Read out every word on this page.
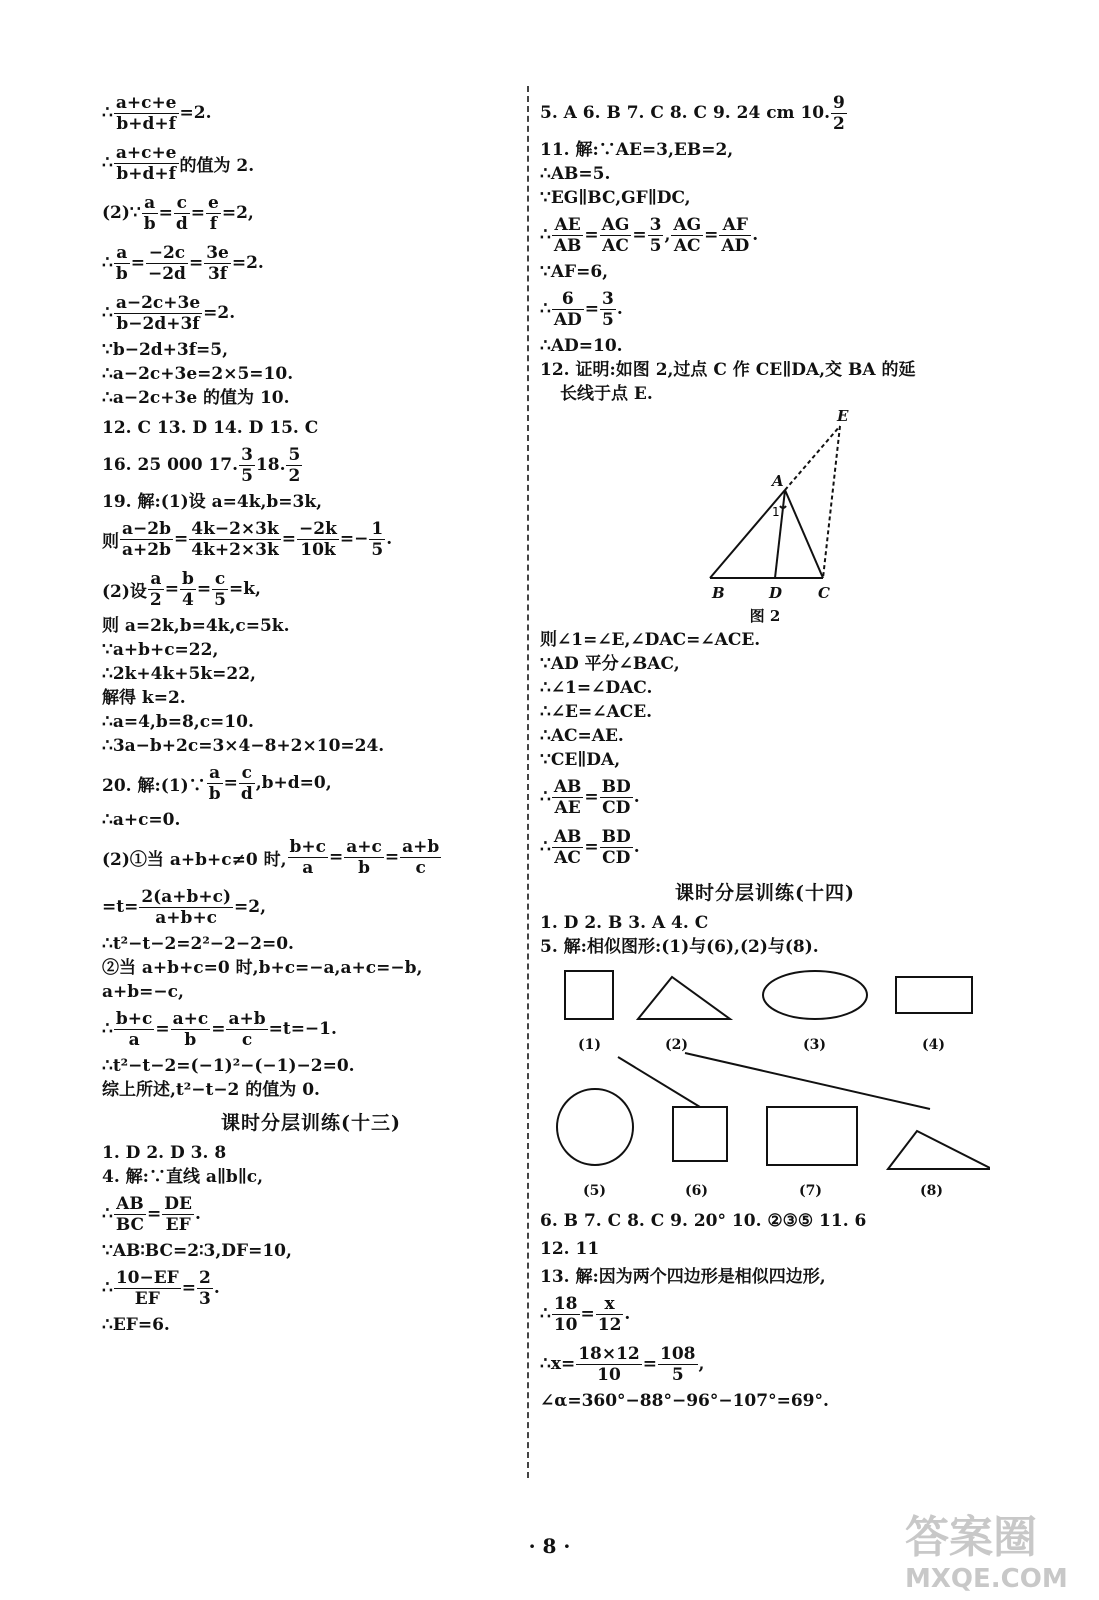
∴ $\frac{a+c+e}{b+d+f} =2$.
∴ $\frac{a+c+e}{b+d+f}$ 的值为 2.
(2)∵ $\frac{a}{b} = \frac{c}{d} = \frac{e}{f} =2$,
∴ $\frac{a}{b} = \frac{-2c}{-2d} = \frac{3e}{3f} =2$.
∴ $\frac{a-2c+3e}{b-2d+3f} =2$.
∵b−2d+3f=5,
∴a−2c+3e=2×5=10.
∴a−2c+3e 的值为 10.
12. C 13. D 14. D 15. C
16. 25 000 17. $\frac{3}{5} 18$. $\frac{5}{2}$
19. 解:(1)设 a=4k,b=3k,
则 $\frac{a-2b}{a+2b} = \frac{4k-2\times 3k}{4k+2\times 3k} = \frac{-2k}{10k} =- \frac{1}{5}$ .
(2)设 $\frac{a}{2} = \frac{b}{4} = \frac{c}{5} =k$,
则 a=2k,b=4k,c=5k.
∵a+b+c=22,
∴2k+4k+5k=22,
解得 k=2.
∴a=4,b=8,c=10.
∴3a−b+2c=3×4−8+2×10=24.
20. 解:(1)∵ $\frac{a}{b} = \frac{c}{d} ,b+d=0$,
∴a+c=0.
(2)①当 a+b+c≠0 时, $\frac{b+c}{a} = \frac{a+c}{b} = \frac{a+b}{c}$
$=t= \frac{2(a+b+c)}{a+b+c} =2$,
∴t²−t−2=2²−2−2=0.
②当 a+b+c=0 时,b+c=−a,a+c=−b,
a+b=−c,
∴ $\frac{b+c}{a} = \frac{a+c}{b} = \frac{a+b}{c} =t=-1$.
∴t²−t−2=(−1)²−(−1)−2=0.
综上所述,t²−t−2 的值为 0.
课时分层训练(十三)
1. D 2. D 3. 8
4. 解:∵直线 a∥b∥c,
∴ $\frac{AB}{BC} = \frac{DE}{EF}$ .
∵AB∶BC=2∶3,DF=10,
∴ $\frac{10-EF}{EF} = \frac{2}{3}$ .
∴EF=6.
5. A 6. B 7. C 8. C 9. 24 cm 10. $\frac{9}{2}$
11. 解:∵AE=3,EB=2,
∴AB=5.
∵EG∥BC,GF∥DC,
∴ $\frac{AE}{AB} = \frac{AG}{AC} = \frac{3}{5}$ , $\frac{AG}{AC} = \frac{AF}{AD}$ .
∵AF=6,
∴ $\frac{6}{AD} = \frac{3}{5}$ .
∴AD=10.
12. 证明:如图 2,过点 C 作 CE∥DA,交 BA 的延
长线于点 E.
E
A
B	D C
1
图 2
则∠1=∠E,∠DAC=∠ACE.
∵AD 平分∠BAC,
∴∠1=∠DAC.
∴∠E=∠ACE.
∴AC=AE.
∵CE∥DA,
∴ $\frac{AB}{AE} = \frac{BD}{CD}$ .
∴ $\frac{AB}{AC} = \frac{BD}{CD}$ .
课时分层训练(十四)
1. D 2. B 3. A 4. C
5. 解:相似图形:(1)与(6),(2)与(8).
(1)	(2)	(3)	(4)
(5)	(6)	(7)	(8)
6. B 7. C 8. C 9. 20° 10. ②③⑤ 11. 6
12. 11
13. 解:因为两个四边形是相似四边形,
∴ $\frac{18}{10} = \frac{x}{12}$ .
∴x= $\frac{18\times 12}{10} = \frac{108}{5}$ ,
∠α=360°−88°−96°−107°=69°.
· 8 ·	答案圈
MXQE.COM
